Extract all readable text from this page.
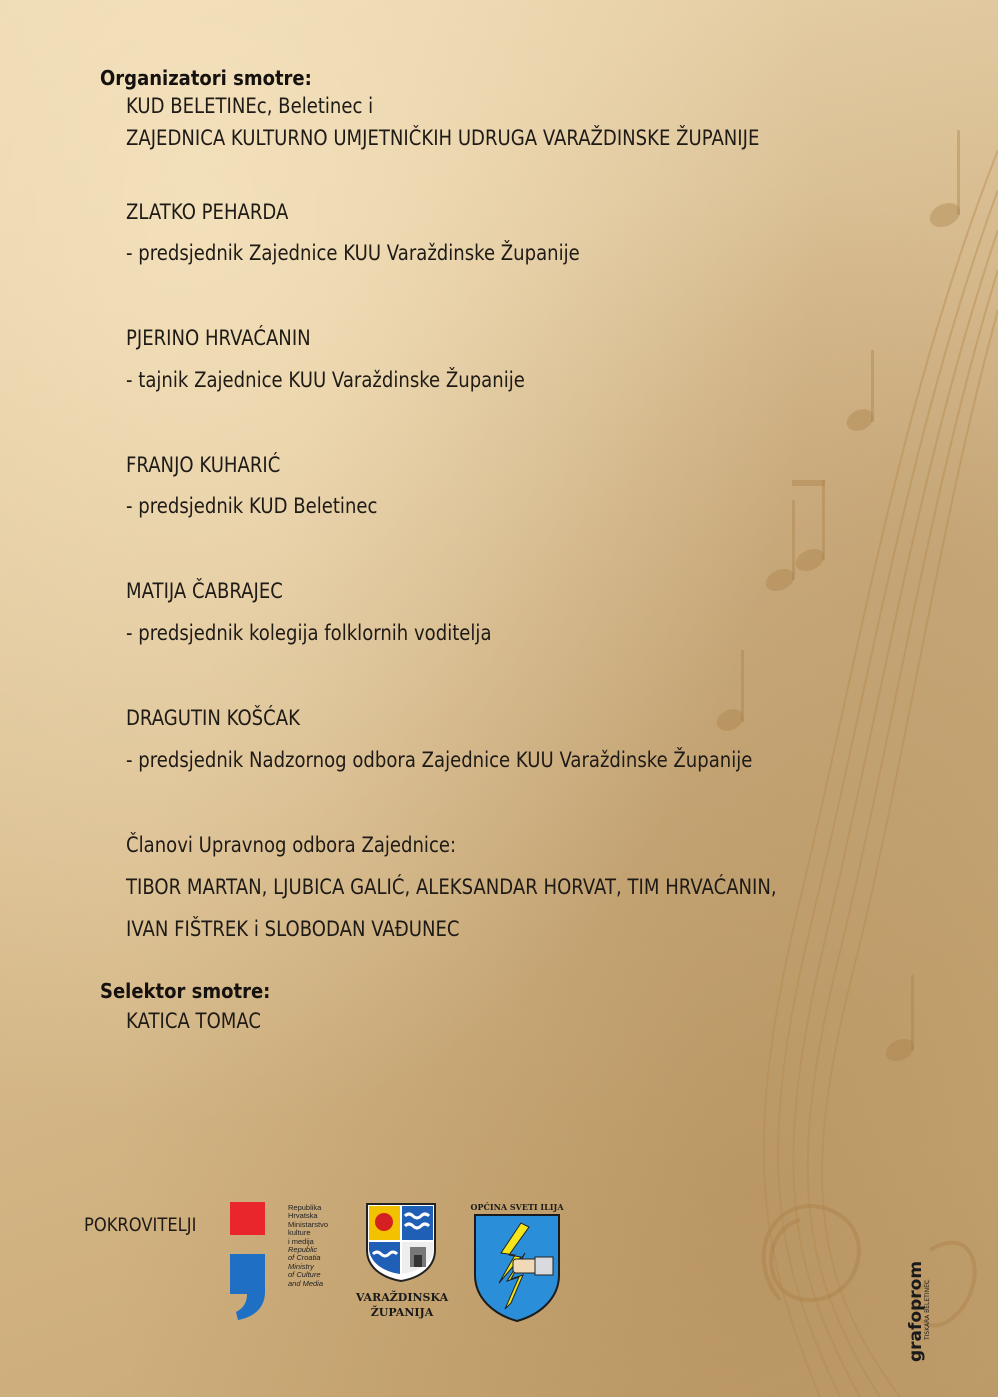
Organizatori smotre:
KUD BELETINEc, Beletinec i
ZAJEDNICA KULTURNO UMJETNIČKIH UDRUGA VARAŽDINSKE ŽUPANIJE
ZLATKO PEHARDA
- predsjednik Zajednice KUU Varaždinske Županije
PJERINO HRVAĆANIN
- tajnik Zajednice KUU Varaždinske Županije
FRANJO KUHARIĆ
- predsjednik KUD Beletinec
MATIJA ČABRAJEC
- predsjednik kolegija folklornih voditelja
DRAGUTIN KOŠĆAK
- predsjednik Nadzornog odbora Zajednice KUU Varaždinske Županije
Članovi Upravnog odbora Zajednice:
TIBOR MARTAN, LJUBICA GALIĆ, ALEKSANDAR HORVAT, TIM HRVAĆANIN,
IVAN FIŠTREK i SLOBODAN VAĐUNEC
Selektor smotre:
KATICA TOMAC
POKROVITELJI
Republika
Hrvatska
Ministarstvo
kulture
i medija
Republic
of Croatia
Ministry
of Culture
and Media
VARAŽDINSKA
ŽUPANIJA
OPĆINA SVETI ILIJA
grafoprom
TISKARA BELETINEC
